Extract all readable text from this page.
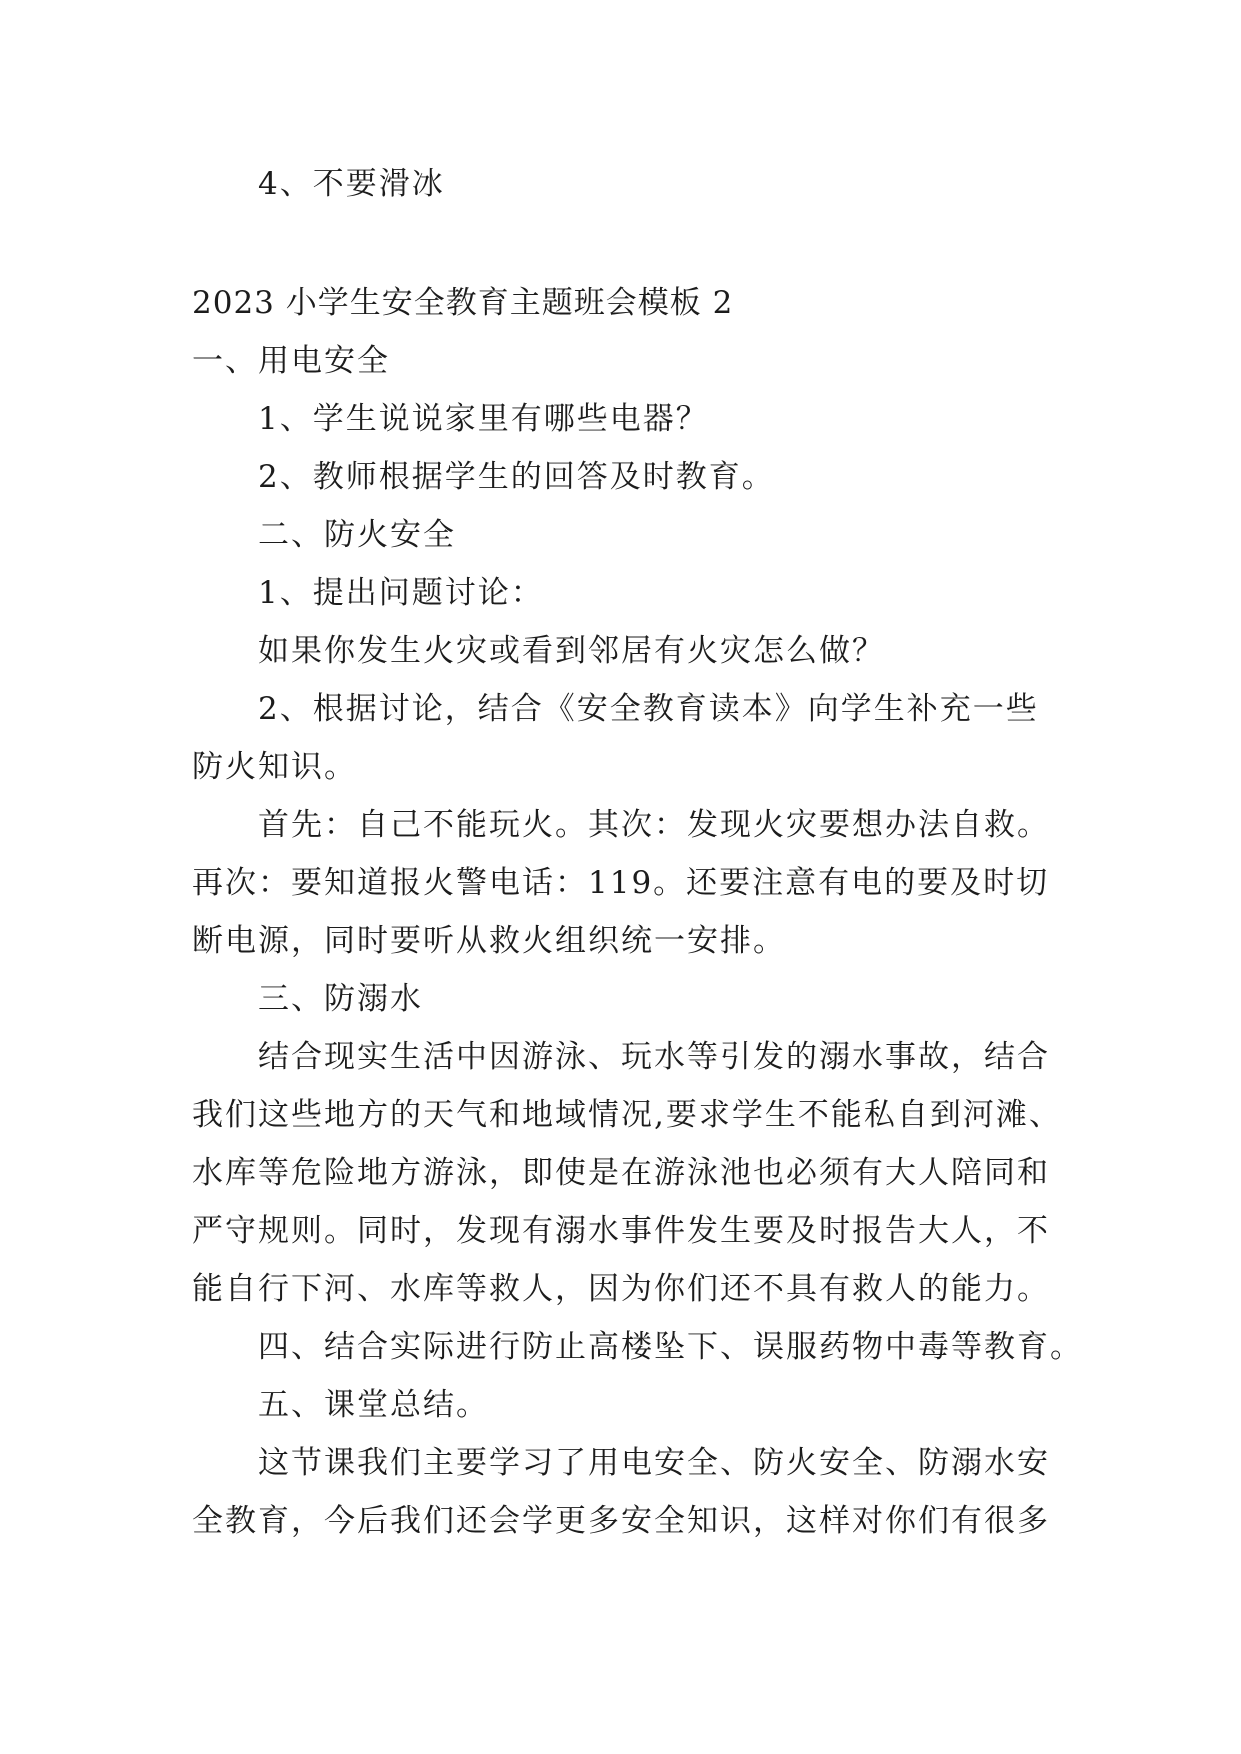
4、不要滑冰
2023 小学生安全教育主题班会模板 2
一、用电安全
1、学生说说家里有哪些电器？
2、教师根据学生的回答及时教育。
二、防火安全
1、提出问题讨论：
如果你发生火灾或看到邻居有火灾怎么做？
2、根据讨论，结合《安全教育读本》向学生补充一些
防火知识。
首先：自己不能玩火。其次：发现火灾要想办法自救。
再次：要知道报火警电话：119。还要注意有电的要及时切
断电源，同时要听从救火组织统一安排。
三、防溺水
结合现实生活中因游泳、玩水等引发的溺水事故，结合
我们这些地方的天气和地域情况,要求学生不能私自到河滩、
水库等危险地方游泳，即使是在游泳池也必须有大人陪同和
严守规则。同时，发现有溺水事件发生要及时报告大人，不
能自行下河、水库等救人，因为你们还不具有救人的能力。
四、结合实际进行防止高楼坠下、误服药物中毒等教育。
五、课堂总结。
这节课我们主要学习了用电安全、防火安全、防溺水安
全教育，今后我们还会学更多安全知识，这样对你们有很多
